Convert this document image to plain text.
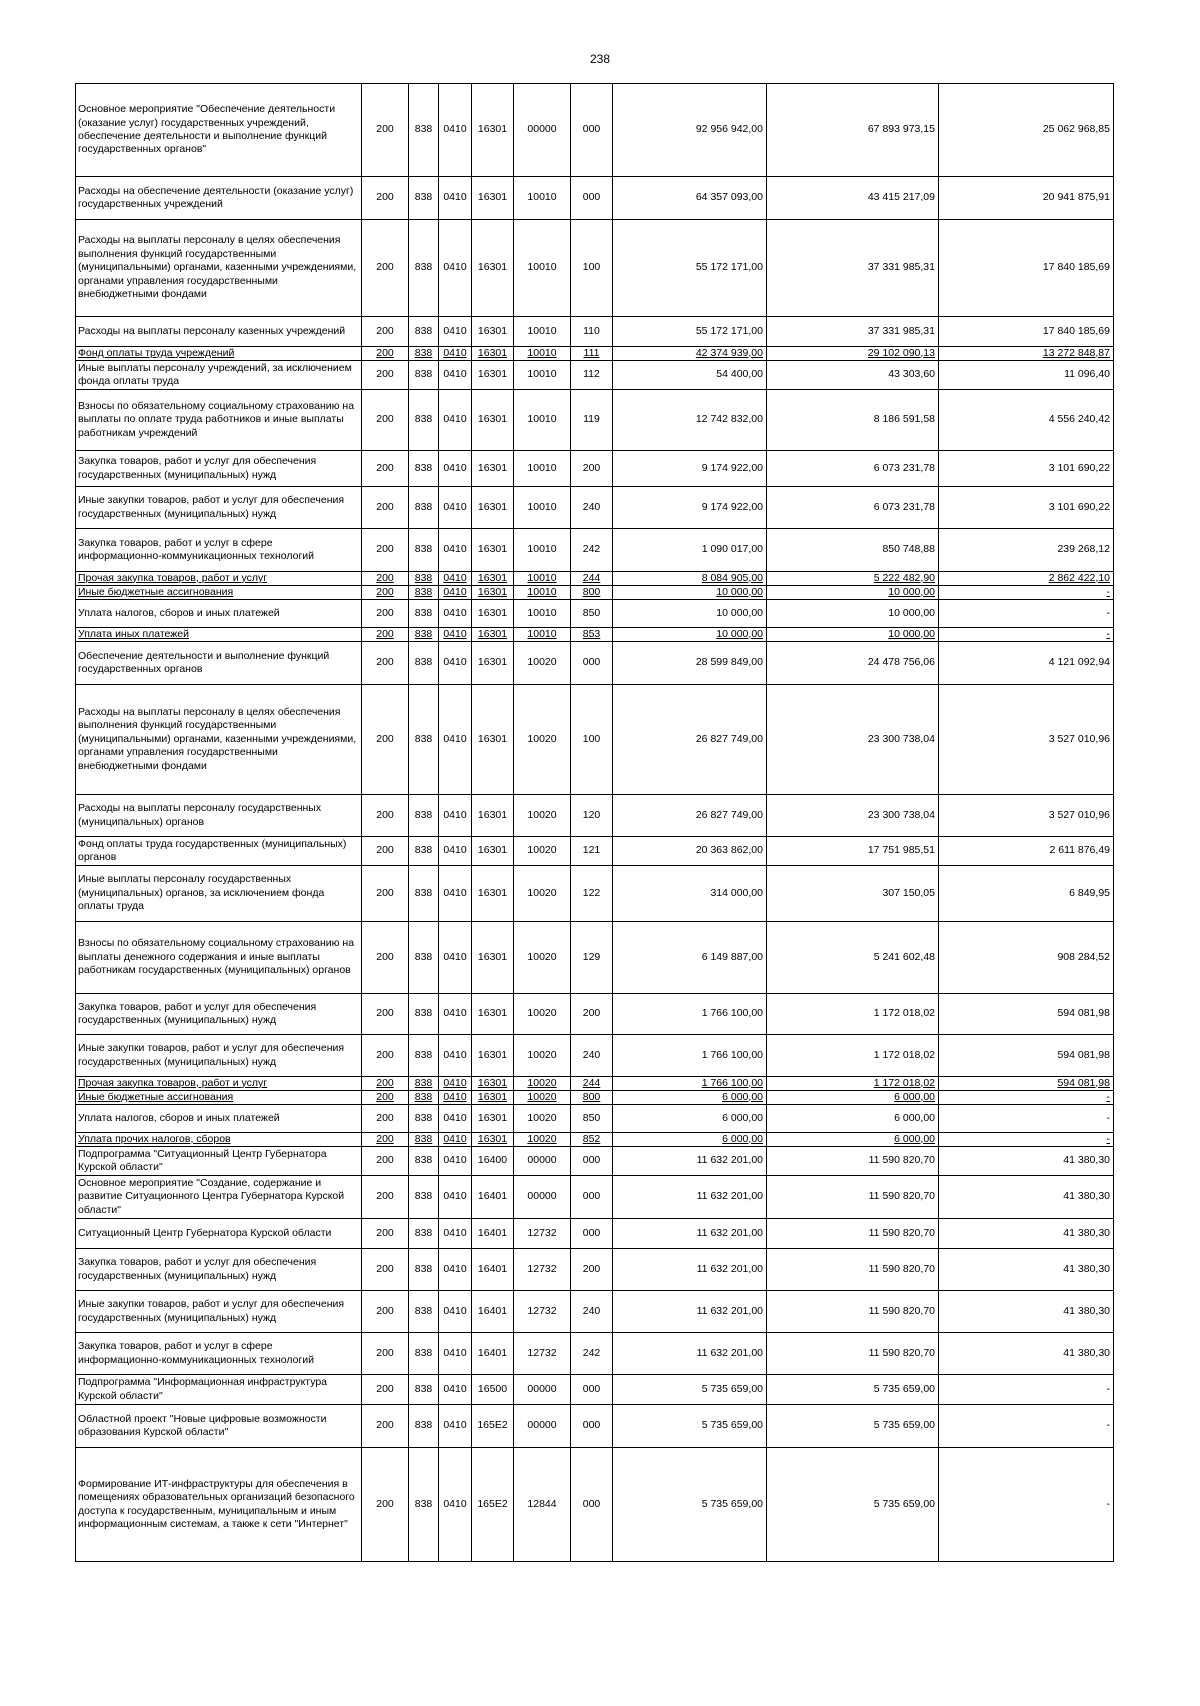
238
Основное мероприятие "Обеспечение деятельности (оказание услуг) государственных учреждений, обеспечение деятельности и выполнение функций государственных органов"	200	838	0410	16301	00000	000	92 956 942,00	67 893 973,15	25 062 968,85
Расходы на обеспечение деятельности (оказание услуг) государственных учреждений	200	838	0410	16301	10010	000	64 357 093,00	43 415 217,09	20 941 875,91
Расходы на выплаты персоналу в целях обеспечения выполнения функций государственными (муниципальными) органами, казенными учреждениями, органами управления государственными внебюджетными фондами	200	838	0410	16301	10010	100	55 172 171,00	37 331 985,31	17 840 185,69
Расходы на выплаты персоналу казенных учреждений	200	838	0410	16301	10010	110	55 172 171,00	37 331 985,31	17 840 185,69
Фонд оплаты труда учреждений	200	838	0410	16301	10010	111	42 374 939,00	29 102 090,13	13 272 848,87
Иные выплаты персоналу учреждений, за исключением фонда оплаты труда	200	838	0410	16301	10010	112	54 400,00	43 303,60	11 096,40
Взносы по обязательному социальному страхованию на выплаты по оплате труда работников и иные выплаты работникам учреждений	200	838	0410	16301	10010	119	12 742 832,00	8 186 591,58	4 556 240,42
Закупка товаров, работ и услуг для обеспечения государственных (муниципальных) нужд	200	838	0410	16301	10010	200	9 174 922,00	6 073 231,78	3 101 690,22
Иные закупки товаров, работ и услуг для обеспечения государственных (муниципальных) нужд	200	838	0410	16301	10010	240	9 174 922,00	6 073 231,78	3 101 690,22
Закупка товаров, работ и услуг в сфере информационно-коммуникационных технологий	200	838	0410	16301	10010	242	1 090 017,00	850 748,88	239 268,12
Прочая закупка товаров, работ и услуг	200	838	0410	16301	10010	244	8 084 905,00	5 222 482,90	2 862 422,10
Иные бюджетные ассигнования	200	838	0410	16301	10010	800	10 000,00	10 000,00	-
Уплата налогов, сборов и иных платежей	200	838	0410	16301	10010	850	10 000,00	10 000,00	-
Уплата иных платежей	200	838	0410	16301	10010	853	10 000,00	10 000,00	-
Обеспечение деятельности и выполнение функций государственных органов	200	838	0410	16301	10020	000	28 599 849,00	24 478 756,06	4 121 092,94
Расходы на выплаты персоналу в целях обеспечения выполнения функций государственными (муниципальными) органами, казенными учреждениями, органами управления государственными внебюджетными фондами	200	838	0410	16301	10020	100	26 827 749,00	23 300 738,04	3 527 010,96
Расходы на выплаты персоналу государственных (муниципальных) органов	200	838	0410	16301	10020	120	26 827 749,00	23 300 738,04	3 527 010,96
Фонд оплаты труда государственных (муниципальных) органов	200	838	0410	16301	10020	121	20 363 862,00	17 751 985,51	2 611 876,49
Иные выплаты персоналу государственных (муниципальных) органов, за исключением фонда оплаты труда	200	838	0410	16301	10020	122	314 000,00	307 150,05	6 849,95
Взносы по обязательному социальному страхованию на выплаты денежного содержания и иные выплаты работникам государственных (муниципальных) органов	200	838	0410	16301	10020	129	6 149 887,00	5 241 602,48	908 284,52
Закупка товаров, работ и услуг для обеспечения государственных (муниципальных) нужд	200	838	0410	16301	10020	200	1 766 100,00	1 172 018,02	594 081,98
Иные закупки товаров, работ и услуг для обеспечения государственных (муниципальных) нужд	200	838	0410	16301	10020	240	1 766 100,00	1 172 018,02	594 081,98
Прочая закупка товаров, работ и услуг	200	838	0410	16301	10020	244	1 766 100,00	1 172 018,02	594 081,98
Иные бюджетные ассигнования	200	838	0410	16301	10020	800	6 000,00	6 000,00	-
Уплата налогов, сборов и иных платежей	200	838	0410	16301	10020	850	6 000,00	6 000,00	-
Уплата прочих налогов, сборов	200	838	0410	16301	10020	852	6 000,00	6 000,00	-
Подпрограмма "Ситуационный Центр Губернатора Курской области"	200	838	0410	16400	00000	000	11 632 201,00	11 590 820,70	41 380,30
Основное мероприятие "Создание, содержание и развитие Ситуационного Центра Губернатора Курской области"	200	838	0410	16401	00000	000	11 632 201,00	11 590 820,70	41 380,30
Ситуационный Центр Губернатора Курской области	200	838	0410	16401	12732	000	11 632 201,00	11 590 820,70	41 380,30
Закупка товаров, работ и услуг для обеспечения государственных (муниципальных) нужд	200	838	0410	16401	12732	200	11 632 201,00	11 590 820,70	41 380,30
Иные закупки товаров, работ и услуг для обеспечения государственных (муниципальных) нужд	200	838	0410	16401	12732	240	11 632 201,00	11 590 820,70	41 380,30
Закупка товаров, работ и услуг в сфере информационно-коммуникационных технологий	200	838	0410	16401	12732	242	11 632 201,00	11 590 820,70	41 380,30
Подпрограмма "Информационная инфраструктура Курской области"	200	838	0410	16500	00000	000	5 735 659,00	5 735 659,00	-
Областной проект "Новые цифровые возможности образования Курской области"	200	838	0410	165Е2	00000	000	5 735 659,00	5 735 659,00	-
Формирование ИТ-инфраструктуры для обеспечения в помещениях образовательных организаций безопасного доступа к государственным, муниципальным и иным информационным системам, а также к сети "Интернет"	200	838	0410	165Е2	12844	000	5 735 659,00	5 735 659,00	-
